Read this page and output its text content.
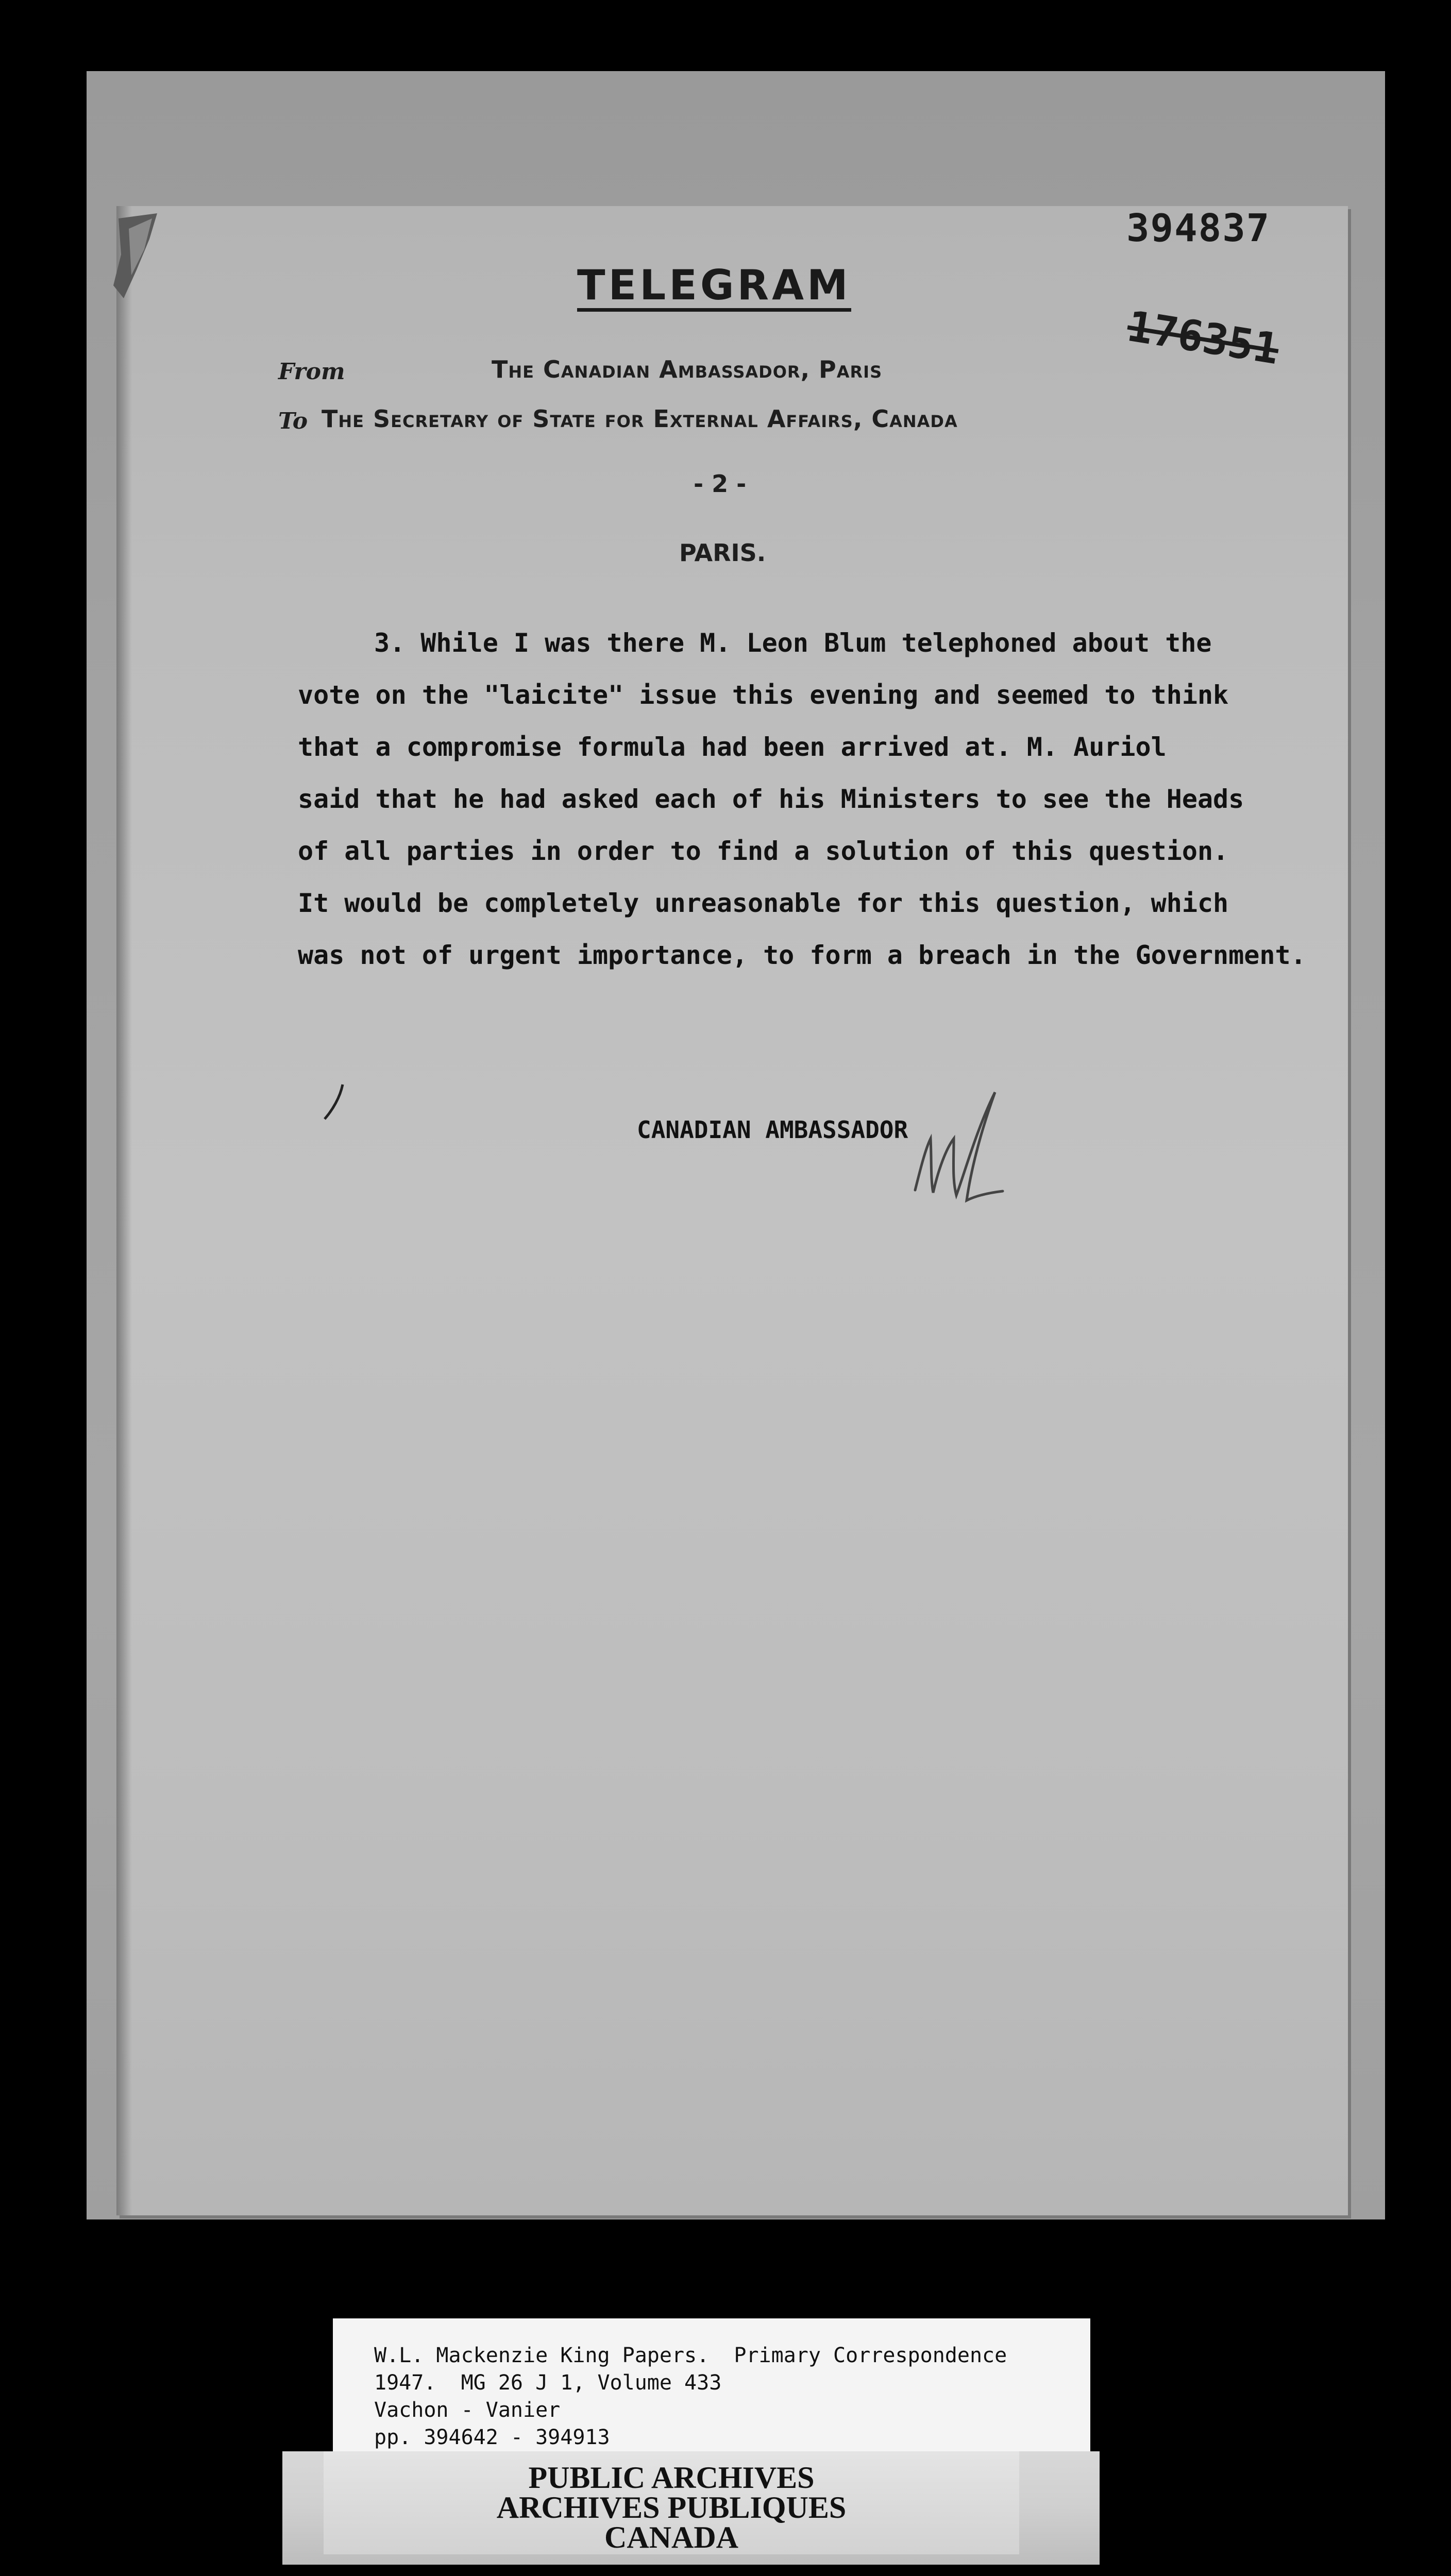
394837
176351
TELEGRAM
From	The Canadian Ambassador, Paris
To The Secretary of State for External Affairs, Canada
- 2 -
PARIS.
3. While I was there M. Leon Blum telephoned about the
vote on the "laicite" issue this evening and seemed to think
that a compromise formula had been arrived at. M. Auriol
said that he had asked each of his Ministers to see the Heads
of all parties in order to find a solution of this question.
It would be completely unreasonable for this question, which
was not of urgent importance, to form a breach in the Government.
CANADIAN AMBASSADOR
W.L. Mackenzie King Papers.  Primary Correspondence
1947.  MG 26 J 1, Volume 433
Vachon - Vanier
pp. 394642 - 394913
PUBLIC ARCHIVES
ARCHIVES PUBLIQUES
CANADA
